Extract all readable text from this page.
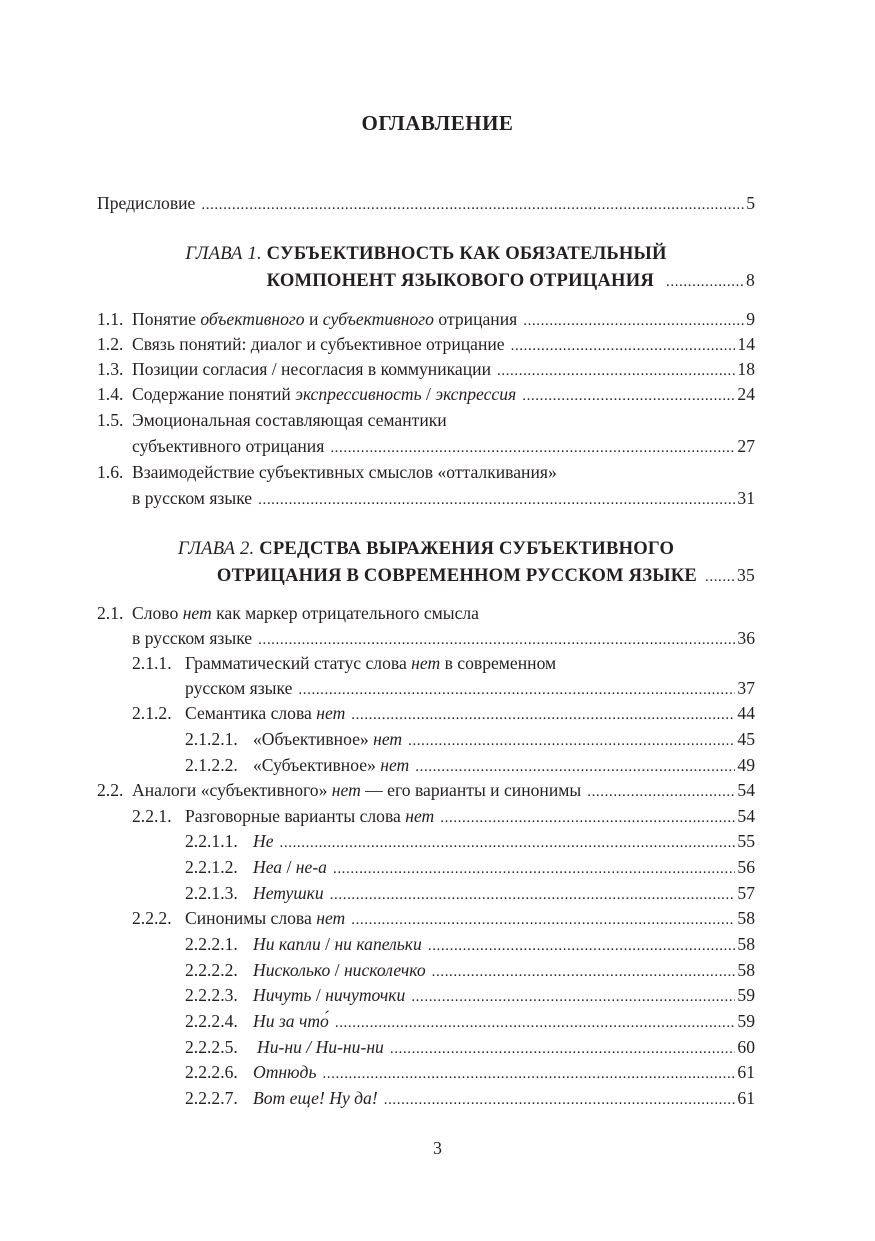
ОГЛАВЛЕНИЕ
Предисловие .....	5
ГЛАВА 1. СУБЪЕКТИВНОСТЬ КАК ОБЯЗАТЕЛЬНЫЙ
КОМПОНЕНТ ЯЗЫКОВОГО ОТРИЦАНИЯ .....	8
1.1. Понятие объективного и субъективного отрицания .....	9
1.2. Связь понятий: диалог и субъективное отрицание .....	14
1.3. Позиции согласия / несогласия в коммуникации .....	18
1.4. Содержание понятий экспрессивность / экспрессия .....	24
1.5. Эмоциональная составляющая семантики
субъективного отрицания .....	27
1.6. Взаимодействие субъективных смыслов «отталкивания»
в русском языке .....	31
ГЛАВА 2. СРЕДСТВА ВЫРАЖЕНИЯ СУБЪЕКТИВНОГО
ОТРИЦАНИЯ В СОВРЕМЕННОМ РУССКОМ ЯЗЫКЕ ..... 35
2.1. Слово нет как маркер отрицательного смысла
в русском языке .....	36
2.1.1. Грамматический статус слова нет в современном
русском языке .....	37
2.1.2. Семантика слова нет .....	44
2.1.2.1. «Объективное» нет .....	45
2.1.2.2. «Субъективное» нет .....	49
2.2. Аналоги «субъективного» нет — его варианты и синонимы .....	54
2.2.1. Разговорные варианты слова нет .....	54
2.2.1.1. Не .....	55
2.2.1.2. Неа / не-а .....	56
2.2.1.3. Нетушки .....	57
2.2.2. Синонимы слова нет .....	58
2.2.2.1. Ни капли / ни капельки .....	58
2.2.2.2. Нисколько / нисколечко .....	58
2.2.2.3. Ничуть / ничуточки .....	59
2.2.2.4. Ни за что́ .....	59
2.2.2.5.	Ни-ни / Ни-ни-ни .....	60
2.2.2.6. Отнюдь .....	61
2.2.2.7. Вот еще! Ну да! .....	61
3
